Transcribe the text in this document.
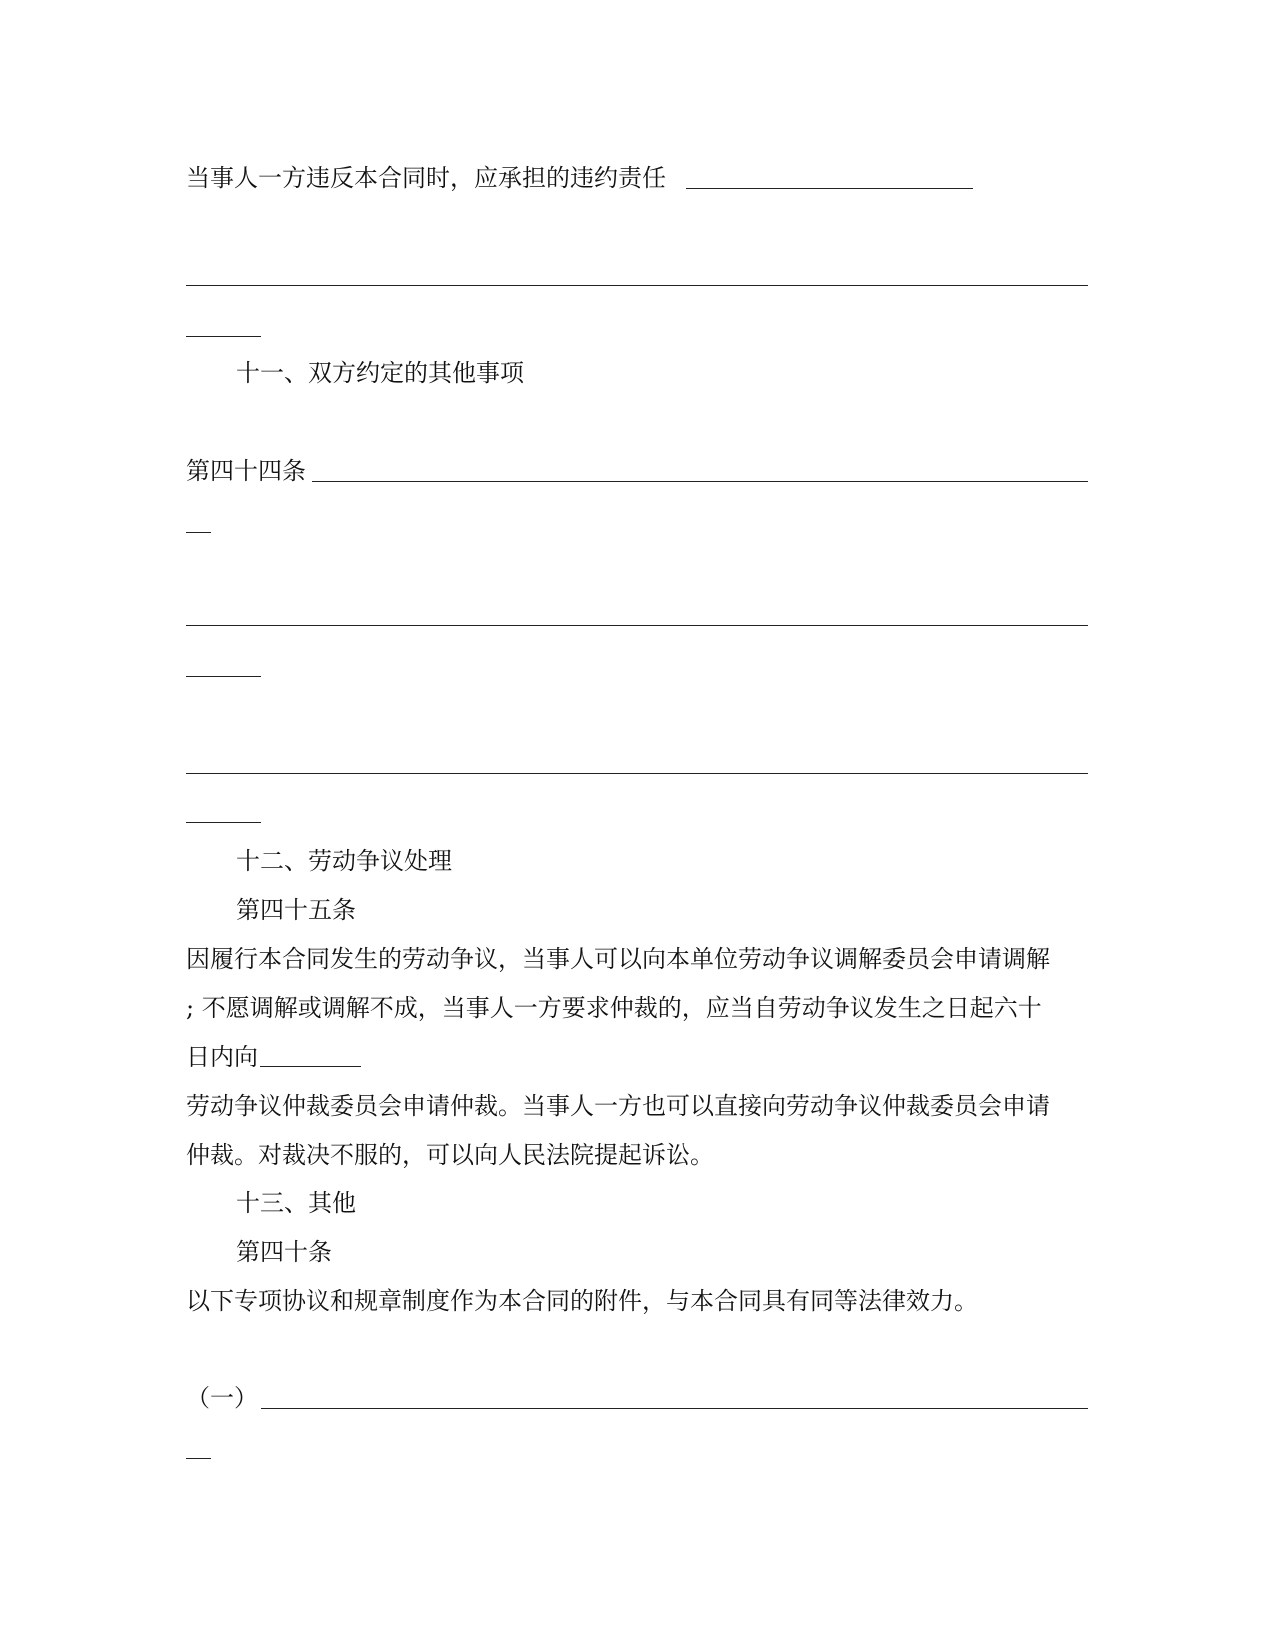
当事人一方违反本合同时，应承担的违约责任
十一、双方约定的其他事项
第四十四条
十二、劳动争议处理
第四十五条
因履行本合同发生的劳动争议，当事人可以向本单位劳动争议调解委员会申请调解
; 不愿调解或调解不成，当事人一方要求仲裁的，应当自劳动争议发生之日起六十
日内向
劳动争议仲裁委员会申请仲裁。当事人一方也可以直接向劳动争议仲裁委员会申请
仲裁。对裁决不服的，可以向人民法院提起诉讼。
十三、其他
第四十条
以下专项协议和规章制度作为本合同的附件，与本合同具有同等法律效力。
（一）
